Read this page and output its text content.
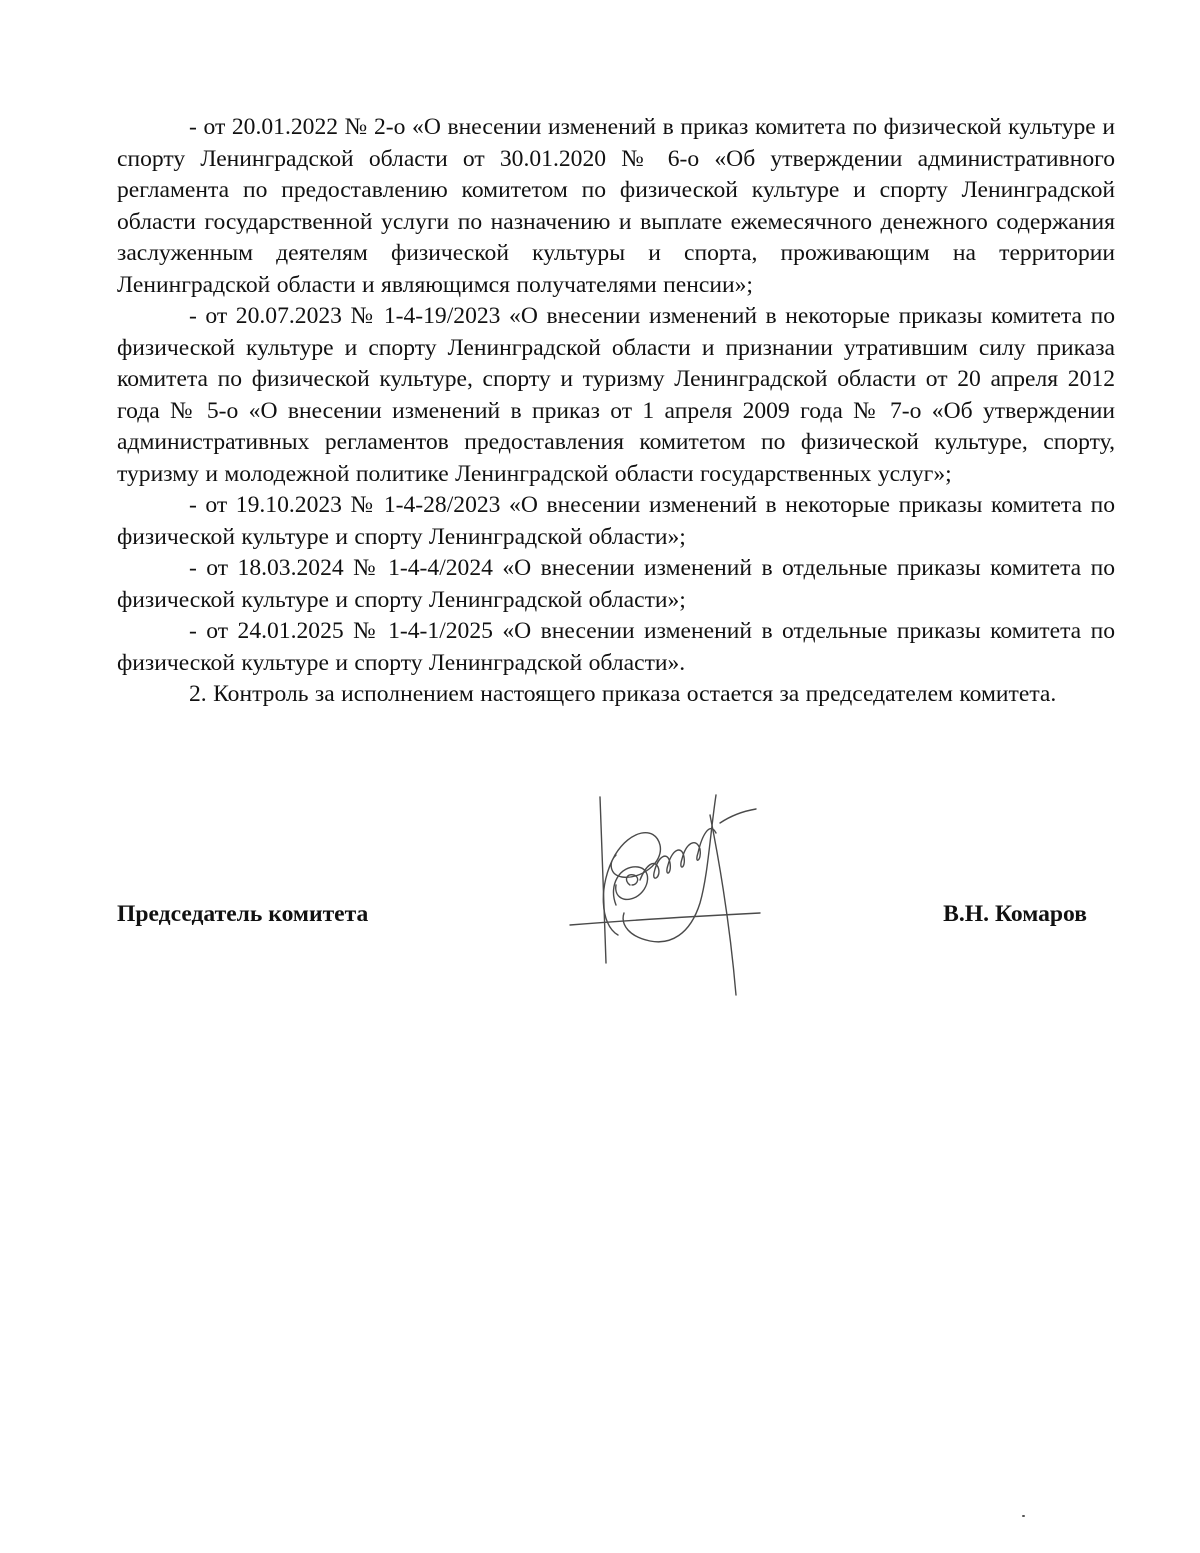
- от 20.01.2022 № 2-о «О внесении изменений в приказ комитета по физической культуре и спорту Ленинградской области от 30.01.2020 № 6-о «Об утверждении административного регламента по предоставлению комитетом по физической культуре и спорту Ленинградской области государственной услуги по назначению и выплате ежемесячного денежного содержания заслуженным деятелям физической культуры и спорта, проживающим на территории Ленинградской области и являющимся получателями пенсии»;

- от 20.07.2023 № 1-4-19/2023 «О внесении изменений в некоторые приказы комитета по физической культуре и спорту Ленинградской области и признании утратившим силу приказа комитета по физической культуре, спорту и туризму Ленинградской области от 20 апреля 2012 года № 5-о «О внесении изменений в приказ от 1 апреля 2009 года № 7-о «Об утверждении административных регламентов предоставления комитетом по физической культуре, спорту, туризму и молодежной политике Ленинградской области государственных услуг»;

- от 19.10.2023 № 1-4-28/2023 «О внесении изменений в некоторые приказы комитета по физической культуре и спорту Ленинградской области»;

- от 18.03.2024 № 1-4-4/2024 «О внесении изменений в отдельные приказы комитета по физической культуре и спорту Ленинградской области»;

- от 24.01.2025 № 1-4-1/2025 «О внесении изменений в отдельные приказы комитета по физической культуре и спорту Ленинградской области».

2. Контроль за исполнением настоящего приказа остается за председателем комитета.

Председатель комитета	В.Н. Комаров
